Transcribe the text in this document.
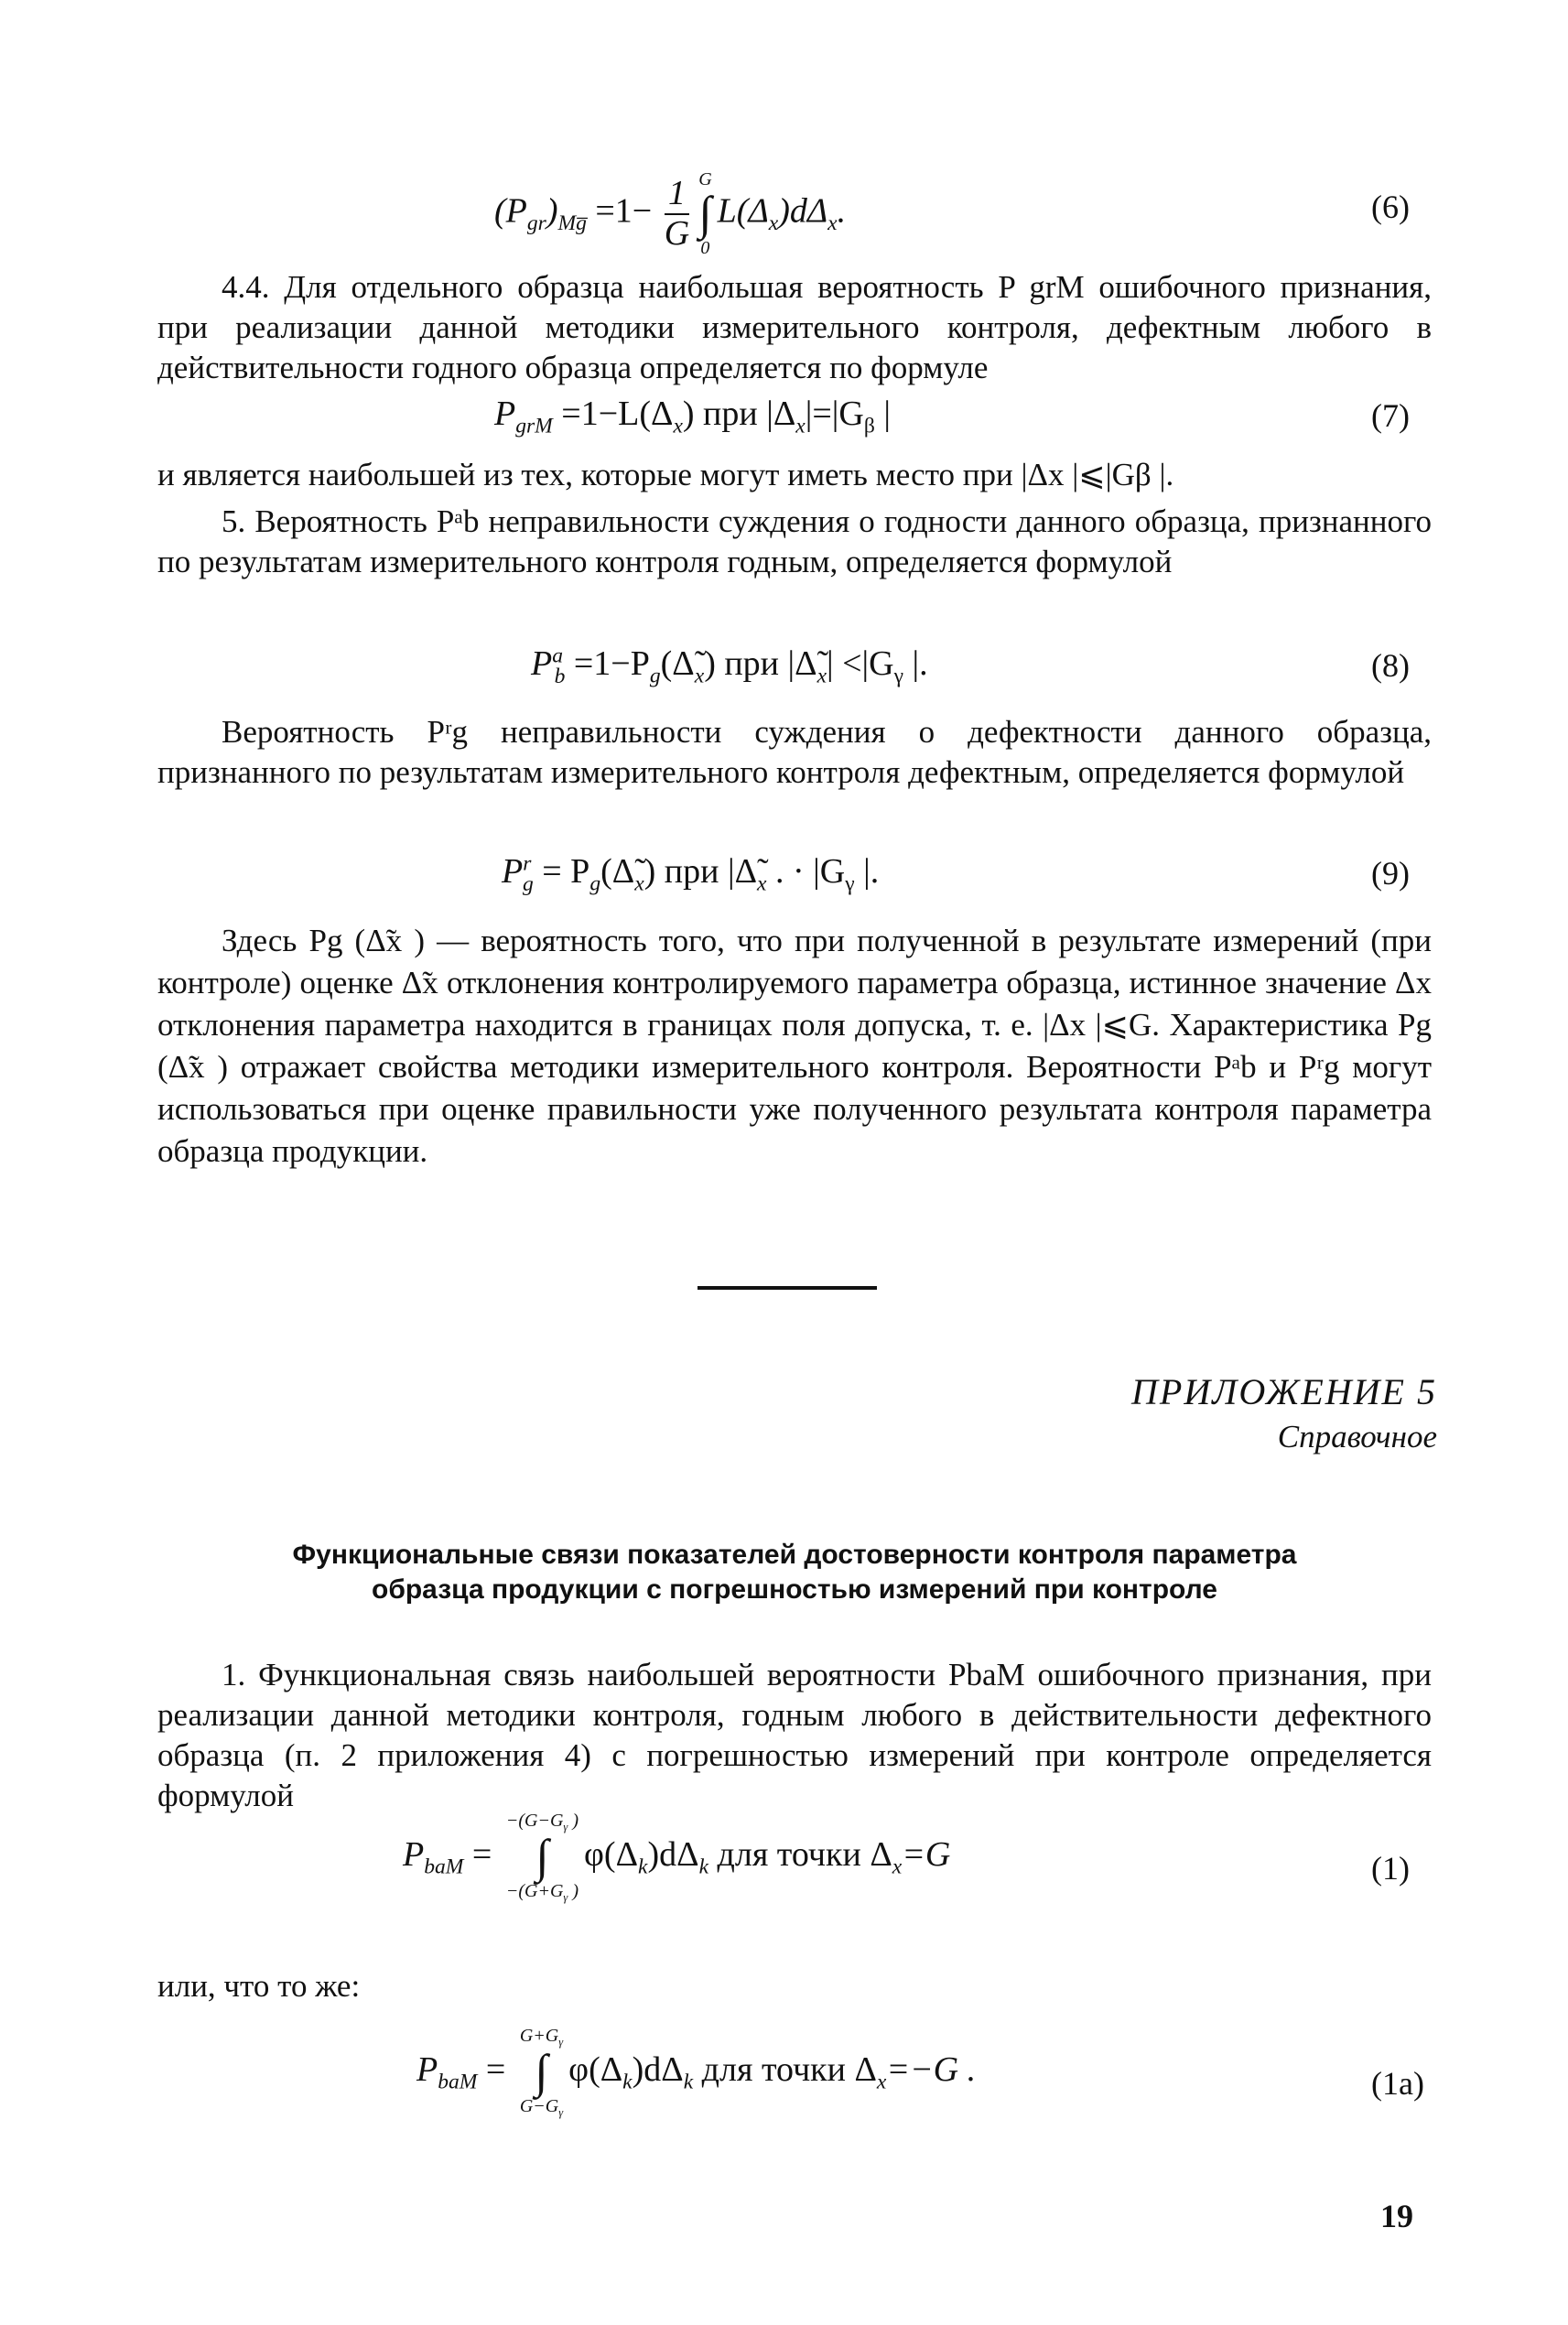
$(P_{gr})_{Mg̅} =1- \frac{1}{G}$ G
∫
0
$L(\Delta_x)d\Delta_x$.	(6)
4.4. Для отдельного образца наибольшая вероятность P grM ошибочного признания, при реализации данной методики измерительного контроля, дефектным любого в действительности годного образца определяется по формуле
$P_{grM} =1-L(\Delta_x)$ при $|\Delta_x|=|G_\beta$ |	(7)
и является наибольшей из тех, которые могут иметь место при |Δx |⩽|Gβ |.
5. Вероятность Pᵃb неправильности суждения о годности данного образца, признанного по результатам измерительного контроля годным, определяется формулой
$P^a_b$ $=1-P_g(\Deltã_x)$ при $|\Deltã_x| <|G_\gamma$ |.	(8)
Вероятность Pʳg неправильности суждения о дефектности данного образца, признанного по результатам измерительного контроля дефектным, определяется формулой
$P^r_g$ = $P_g(\Deltã_x)$ при $|\Deltã_x$ . · $|G_\gamma$ |.	(9)
Здесь Pg (Δ̃x ) — вероятность того, что при полученной в результате измерений (при контроле) оценке Δ̃x отклонения контролируемого параметра образца, истинное значение Δx отклонения параметра находится в границах поля допуска, т. е. |Δx |⩽G. Характеристика Pg (Δ̃x ) отражает свойства методики измерительного контроля. Вероятности Pᵃb и Pʳg могут использоваться при оценке правильности уже полученного результата контроля параметра образца продукции.
ПРИЛОЖЕНИЕ 5
Справочное
Функциональные связи показателей достоверности контроля параметра
образца продукции с погрешностью измерений при контроле
1. Функциональная связь наибольшей вероятности PbaM ошибочного признания, при реализации данной методики контроля, годным любого в действительности дефектного образца (п. 2 приложения 4) с погрешностью измерений при контроле определяется формулой
$P_{baM}$ =
$-(G-G_\gamma$ )
∫
$-(G+G_\gamma$ )
$\varphi(\Delta_k)d\Delta_k$ для точки $\Delta_x=G$	(1)
или, что то же:
$P_{baM}$ =
$G+G_\gamma$
∫
$G-G_\gamma$
$\varphi(\Delta_k)d\Delta_k$ для точки $\Delta_x=-G$ .	(1a)
19
